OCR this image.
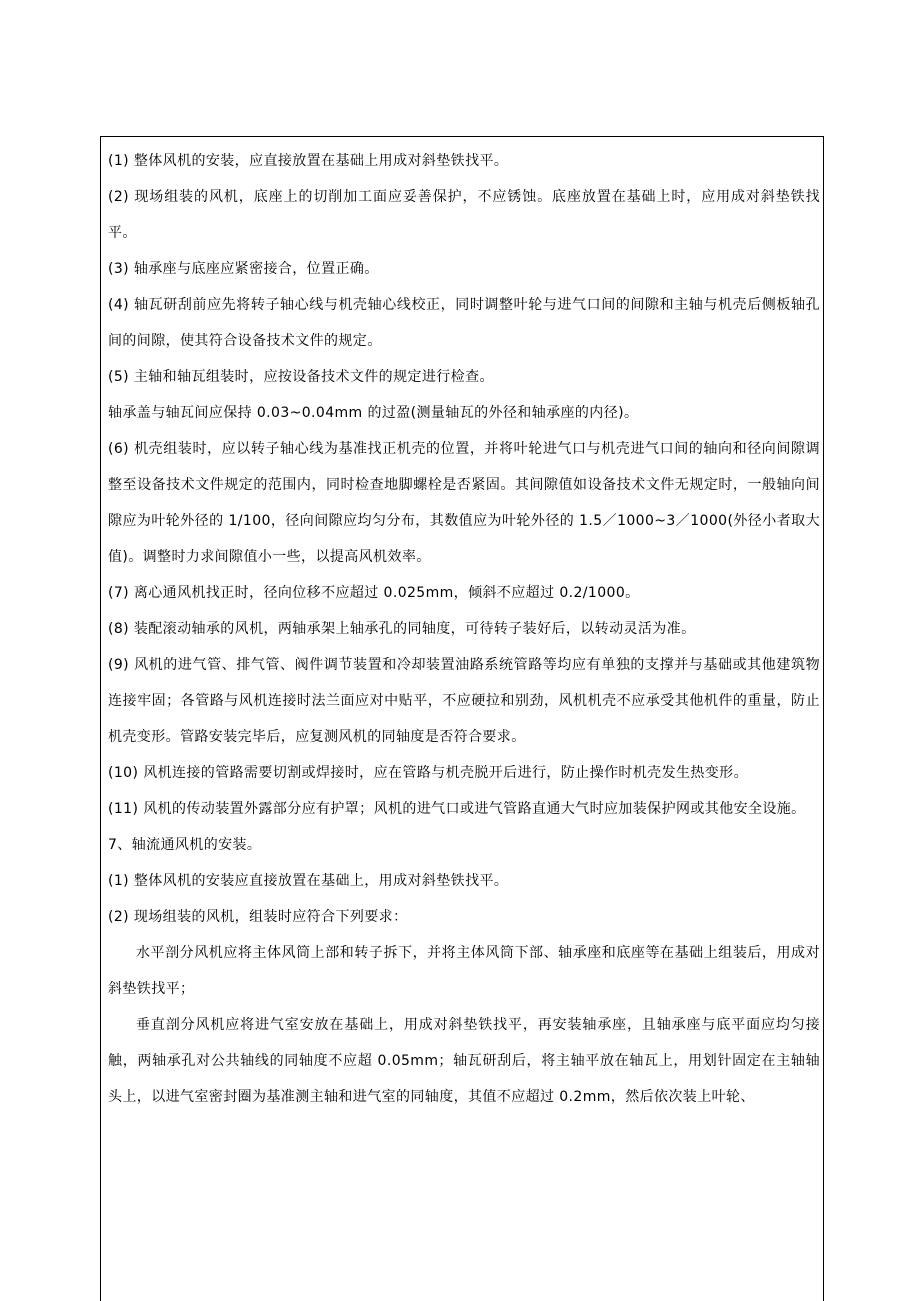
(1) 整体风机的安装，应直接放置在基础上用成对斜垫铁找平。

(2) 现场组装的风机，底座上的切削加工面应妥善保护，不应锈蚀。底座放置在基础上时，应用成对斜垫铁找平。

(3) 轴承座与底座应紧密接合，位置正确。

(4) 轴瓦研刮前应先将转子轴心线与机壳轴心线校正，同时调整叶轮与进气口间的间隙和主轴与机壳后侧板轴孔间的间隙，使其符合设备技术文件的规定。

(5) 主轴和轴瓦组装时，应按设备技术文件的规定进行检查。

轴承盖与轴瓦间应保持 0.03~0.04mm 的过盈(测量轴瓦的外径和轴承座的内径)。

(6) 机壳组装时，应以转子轴心线为基准找正机壳的位置，并将叶轮进气口与机壳进气口间的轴向和径向间隙调整至设备技术文件规定的范围内，同时检查地脚螺栓是否紧固。其间隙值如设备技术文件无规定时，一般轴向间隙应为叶轮外径的 1/100，径向间隙应均匀分布，其数值应为叶轮外径的 1.5／1000~3／1000(外径小者取大值)。调整时力求间隙值小一些，以提高风机效率。

(7) 离心通风机找正时，径向位移不应超过 0.025mm，倾斜不应超过 0.2/1000。

(8) 装配滚动轴承的风机，两轴承架上轴承孔的同轴度，可待转子装好后，以转动灵活为准。

(9) 风机的进气管、排气管、阀件调节装置和冷却装置油路系统管路等均应有单独的支撑并与基础或其他建筑物连接牢固；各管路与风机连接时法兰面应对中贴平，不应硬拉和别劲，风机机壳不应承受其他机件的重量，防止机壳变形。管路安装完毕后，应复测风机的同轴度是否符合要求。

(10) 风机连接的管路需要切割或焊接时，应在管路与机壳脱开后进行，防止操作时机壳发生热变形。

(11) 风机的传动装置外露部分应有护罩；风机的进气口或进气管路直通大气时应加装保护网或其他安全设施。

7、轴流通风机的安装。

(1) 整体风机的安装应直接放置在基础上，用成对斜垫铁找平。

(2) 现场组装的风机，组装时应符合下列要求：

水平剖分风机应将主体风筒上部和转子拆下，并将主体风筒下部、轴承座和底座等在基础上组装后，用成对斜垫铁找平；

垂直剖分风机应将进气室安放在基础上，用成对斜垫铁找平，再安装轴承座，且轴承座与底平面应均匀接触，两轴承孔对公共轴线的同轴度不应超 0.05mm；轴瓦研刮后，将主轴平放在轴瓦上，用划针固定在主轴轴头上，以进气室密封圈为基准测主轴和进气室的同轴度，其值不应超过 0.2mm，然后依次装上叶轮、
